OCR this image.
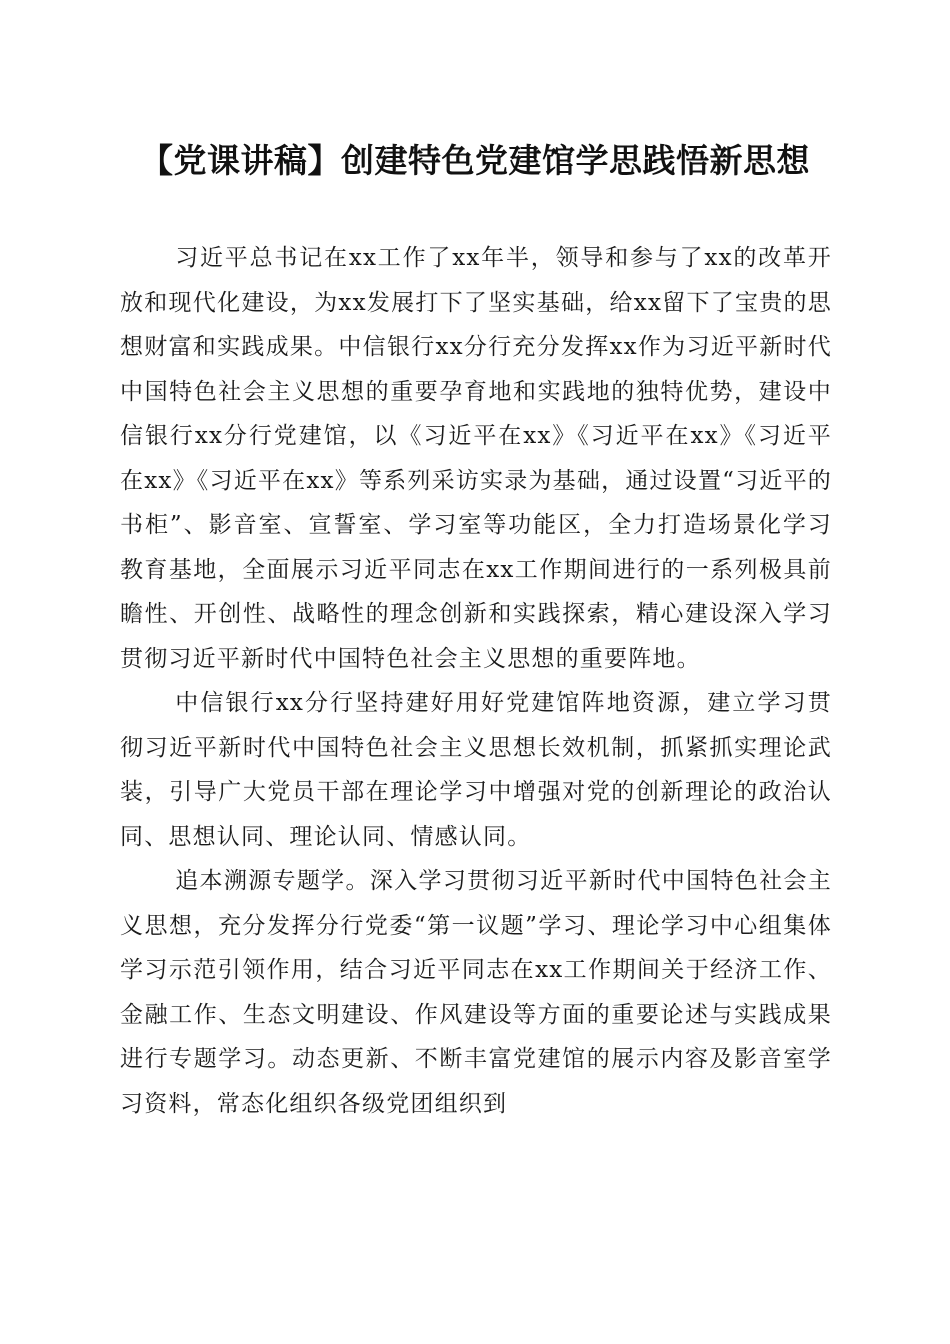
【党课讲稿】创建特色党建馆学思践悟新思想

习近平总书记在xx工作了xx年半，领导和参与了xx的改革开放和现代化建设，为xx发展打下了坚实基础，给xx留下了宝贵的思想财富和实践成果。中信银行xx分行充分发挥xx作为习近平新时代中国特色社会主义思想的重要孕育地和实践地的独特优势，建设中信银行xx分行党建馆，以《习近平在xx》《习近平在xx》《习近平在xx》《习近平在xx》等系列采访实录为基础，通过设置“习近平的书柜”、影音室、宣誓室、学习室等功能区，全力打造场景化学习教育基地，全面展示习近平同志在xx工作期间进行的一系列极具前瞻性、开创性、战略性的理念创新和实践探索，精心建设深入学习贯彻习近平新时代中国特色社会主义思想的重要阵地。

中信银行xx分行坚持建好用好党建馆阵地资源，建立学习贯彻习近平新时代中国特色社会主义思想长效机制，抓紧抓实理论武装，引导广大党员干部在理论学习中增强对党的创新理论的政治认同、思想认同、理论认同、情感认同。

追本溯源专题学。深入学习贯彻习近平新时代中国特色社会主义思想，充分发挥分行党委“第一议题”学习、理论学习中心组集体学习示范引领作用，结合习近平同志在xx工作期间关于经济工作、金融工作、生态文明建设、作风建设等方面的重要论述与实践成果进行专题学习。动态更新、不断丰富党建馆的展示内容及影音室学习资料，常态化组织各级党团组织到
